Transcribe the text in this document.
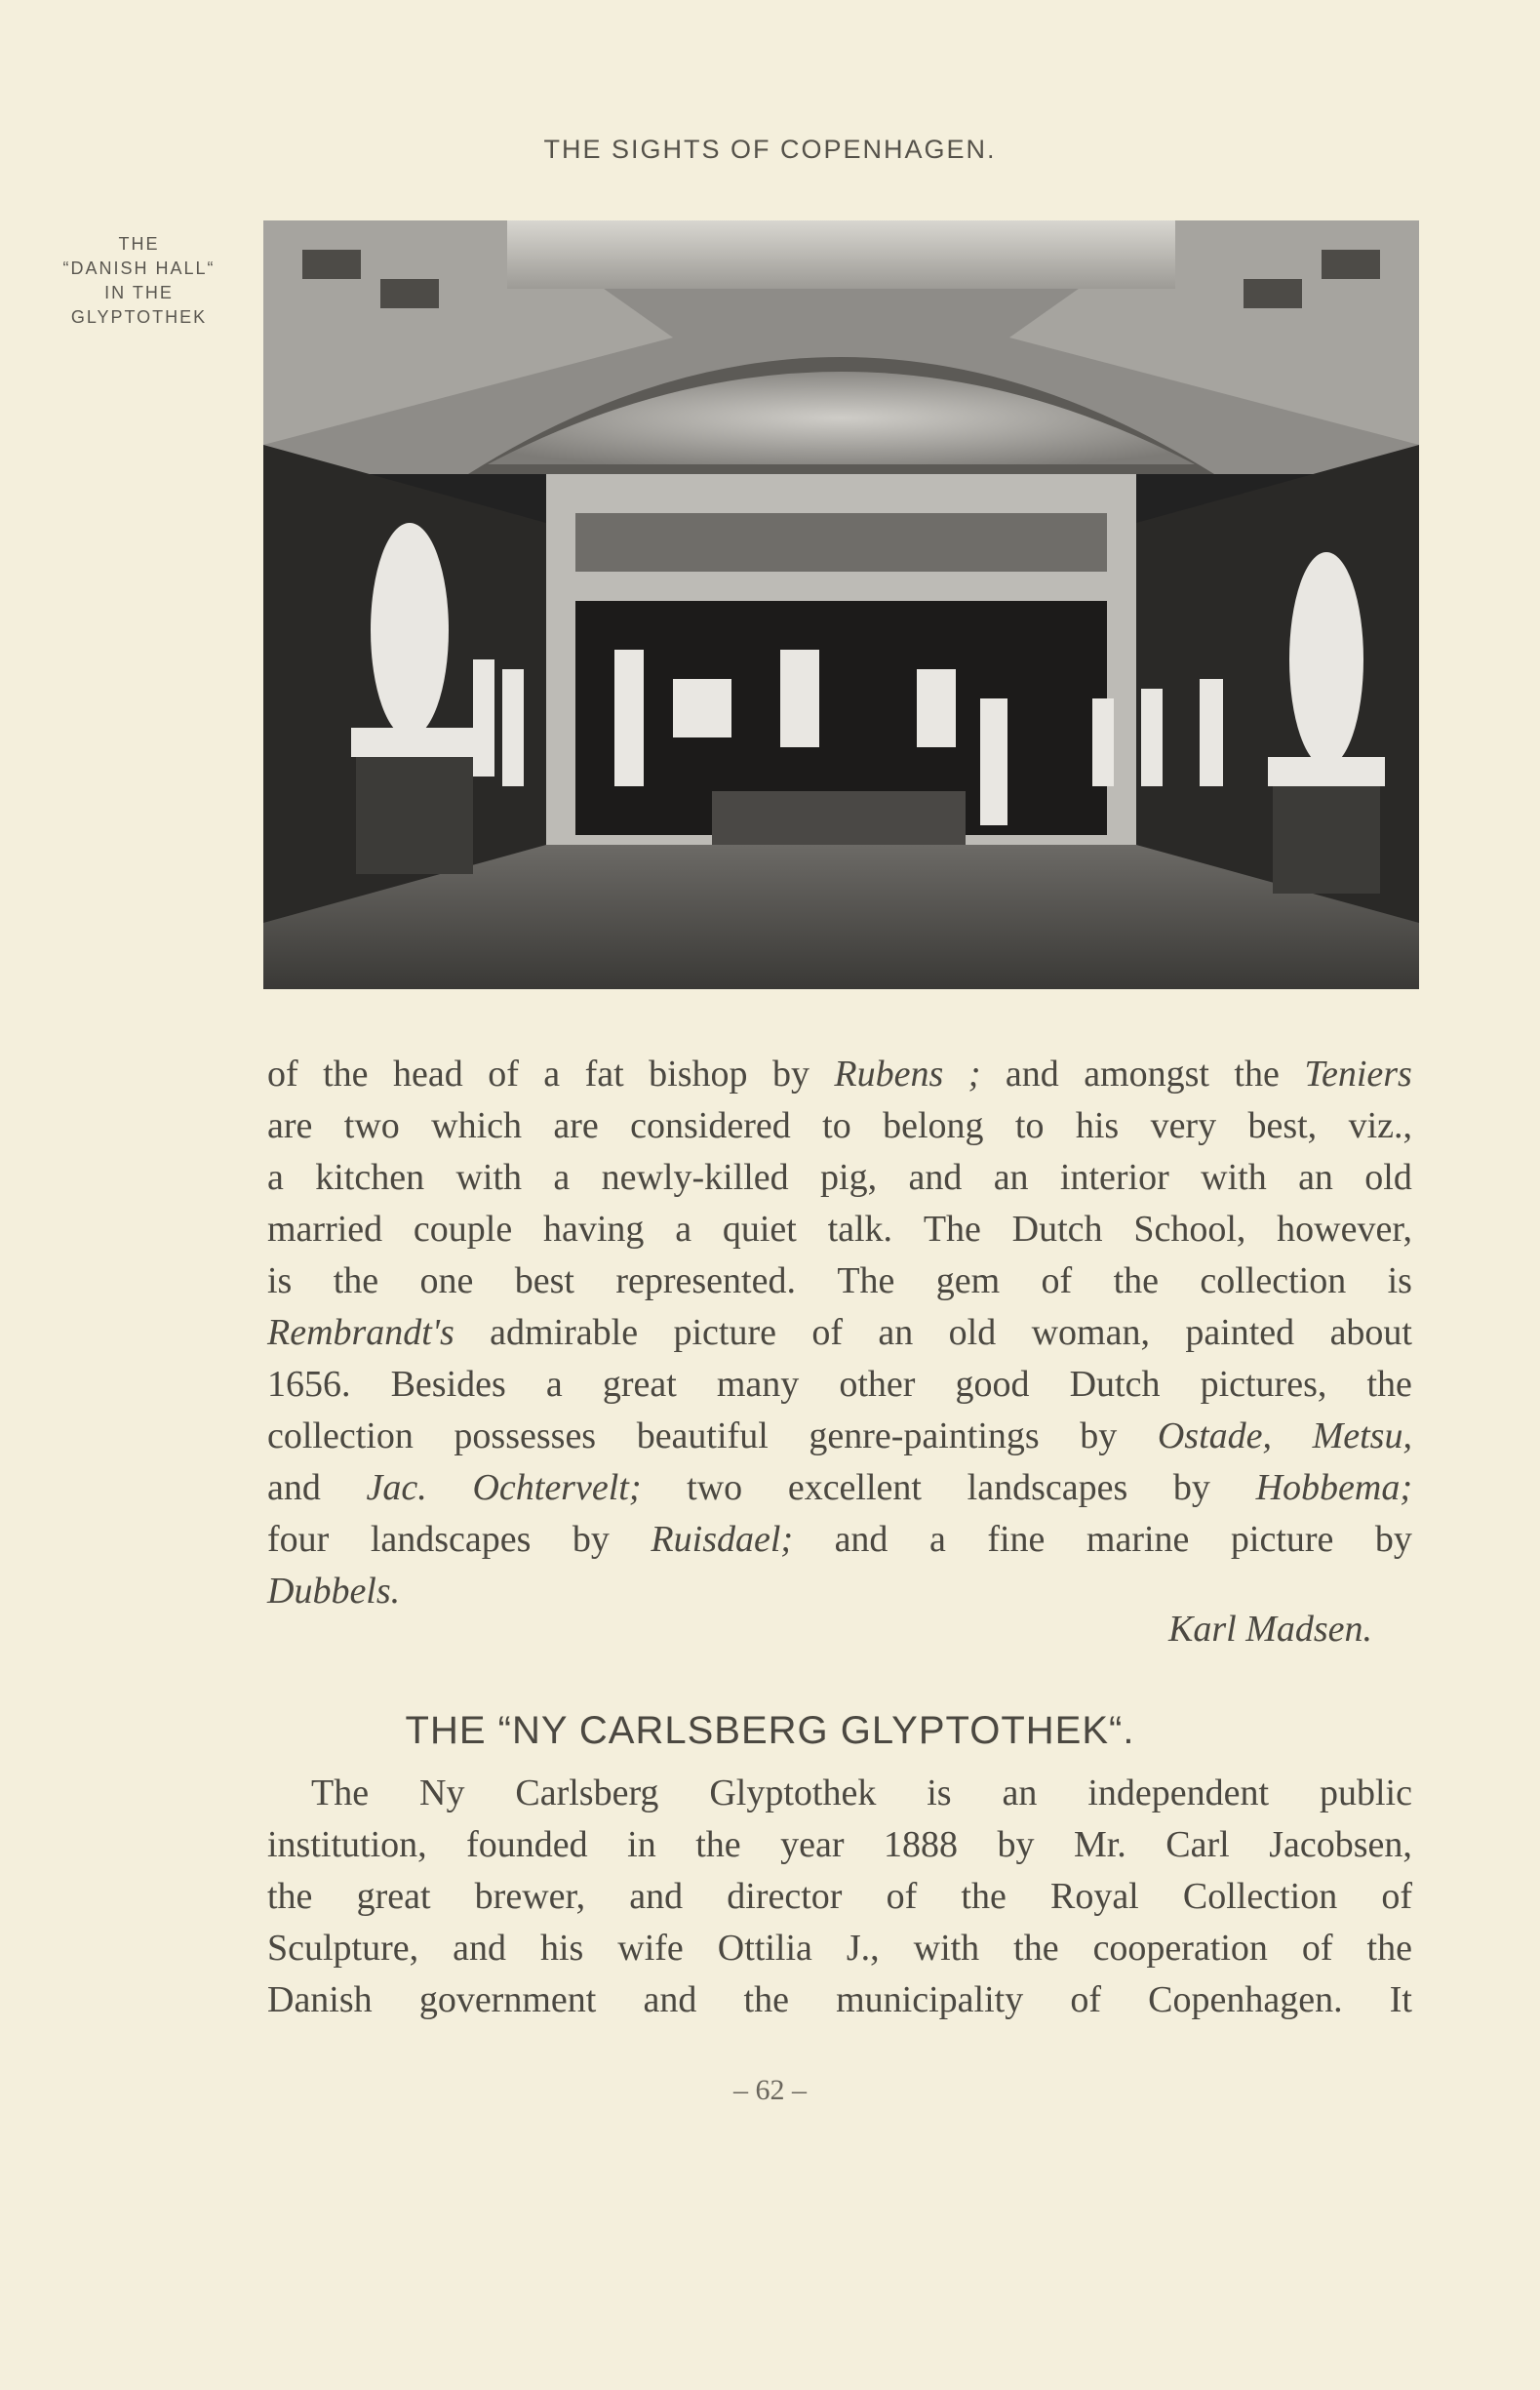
THE SIGHTS OF COPENHAGEN.
THE
“DANISH HALL“
IN THE
GLYPTOTHEK
of the head of a fat bishop by Rubens ; and amongst the Teniers
are two which are considered to belong to his very best, viz.,
a kitchen with a newly-killed pig, and an interior with an old
married couple having a quiet talk. The Dutch School, however,
is the one best represented. The gem of the collection is
Rembrandt's admirable picture of an old woman, painted about
1656. Besides a great many other good Dutch pictures, the
collection possesses beautiful genre-paintings by Ostade, Metsu,
and Jac. Ochtervelt; two excellent landscapes by Hobbema;
four landscapes by Ruisdael; and a fine marine picture by
Dubbels.
Karl Madsen.
THE “NY CARLSBERG GLYPTOTHEK“.
The Ny Carlsberg Glyptothek is an independent public
institution, founded in the year 1888 by Mr. Carl Jacobsen,
the great brewer, and director of the Royal Collection of
Sculpture, and his wife Ottilia J., with the cooperation of the
Danish government and the municipality of Copenhagen. It
– 62 –
